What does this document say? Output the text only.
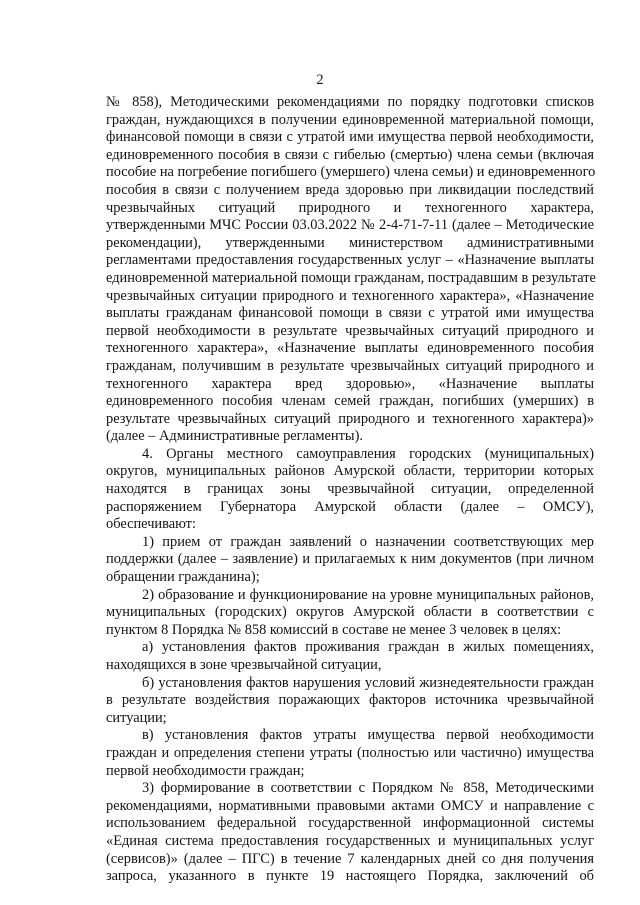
2

№ 858), Методическими рекомендациями по порядку подготовки списков

граждан, нуждающихся в получении единовременной материальной помощи,

финансовой помощи в связи с утратой ими имущества первой необходимости,

единовременного пособия в связи с гибелью (смертью) члена семьи (включая

пособие на погребение погибшего (умершего) члена семьи) и единовременного

пособия в связи с получением вреда здоровью при ликвидации последствий

чрезвычайных ситуаций природного и техногенного характера,

утвержденными МЧС России 03.03.2022 № 2-4-71-7-11 (далее – Методические

рекомендации), утвержденными министерством административными

регламентами предоставления государственных услуг – «Назначение выплаты

единовременной материальной помощи гражданам, пострадавшим в результате

чрезвычайных ситуации природного и техногенного характера», «Назначение

выплаты гражданам финансовой помощи в связи с утратой ими имущества

первой необходимости в результате чрезвычайных ситуаций природного и

техногенного характера», «Назначение выплаты единовременного пособия

гражданам, получившим в результате чрезвычайных ситуаций природного и

техногенного характера вред здоровью», «Назначение выплаты

единовременного пособия членам семей граждан, погибших (умерших) в

результате чрезвычайных ситуаций природного и техногенного характера)»

(далее – Административные регламенты).

4. Органы местного самоуправления городских (муниципальных)

округов, муниципальных районов Амурской области, территории которых

находятся в границах зоны чрезвычайной ситуации, определенной

распоряжением Губернатора Амурской области (далее – ОМСУ),

обеспечивают:

1) прием от граждан заявлений о назначении соответствующих мер

поддержки (далее – заявление) и прилагаемых к ним документов (при личном

обращении гражданина);

2) образование и функционирование на уровне муниципальных районов,

муниципальных (городских) округов Амурской области в соответствии с

пунктом 8 Порядка № 858 комиссий в составе не менее 3 человек в целях:

а) установления фактов проживания граждан в жилых помещениях,

находящихся в зоне чрезвычайной ситуации,

б) установления фактов нарушения условий жизнедеятельности граждан

в результате воздействия поражающих факторов источника чрезвычайной

ситуации;

в) установления фактов утраты имущества первой необходимости

граждан и определения степени утраты (полностью или частично) имущества

первой необходимости граждан;

3) формирование в соответствии с Порядком № 858, Методическими

рекомендациями, нормативными правовыми актами ОМСУ и направление с

использованием федеральной государственной информационной системы

«Единая система предоставления государственных и муниципальных услуг

(сервисов)» (далее – ПГС) в течение 7 календарных дней со дня получения

запроса, указанного в пункте 19 настоящего Порядка, заключений об
